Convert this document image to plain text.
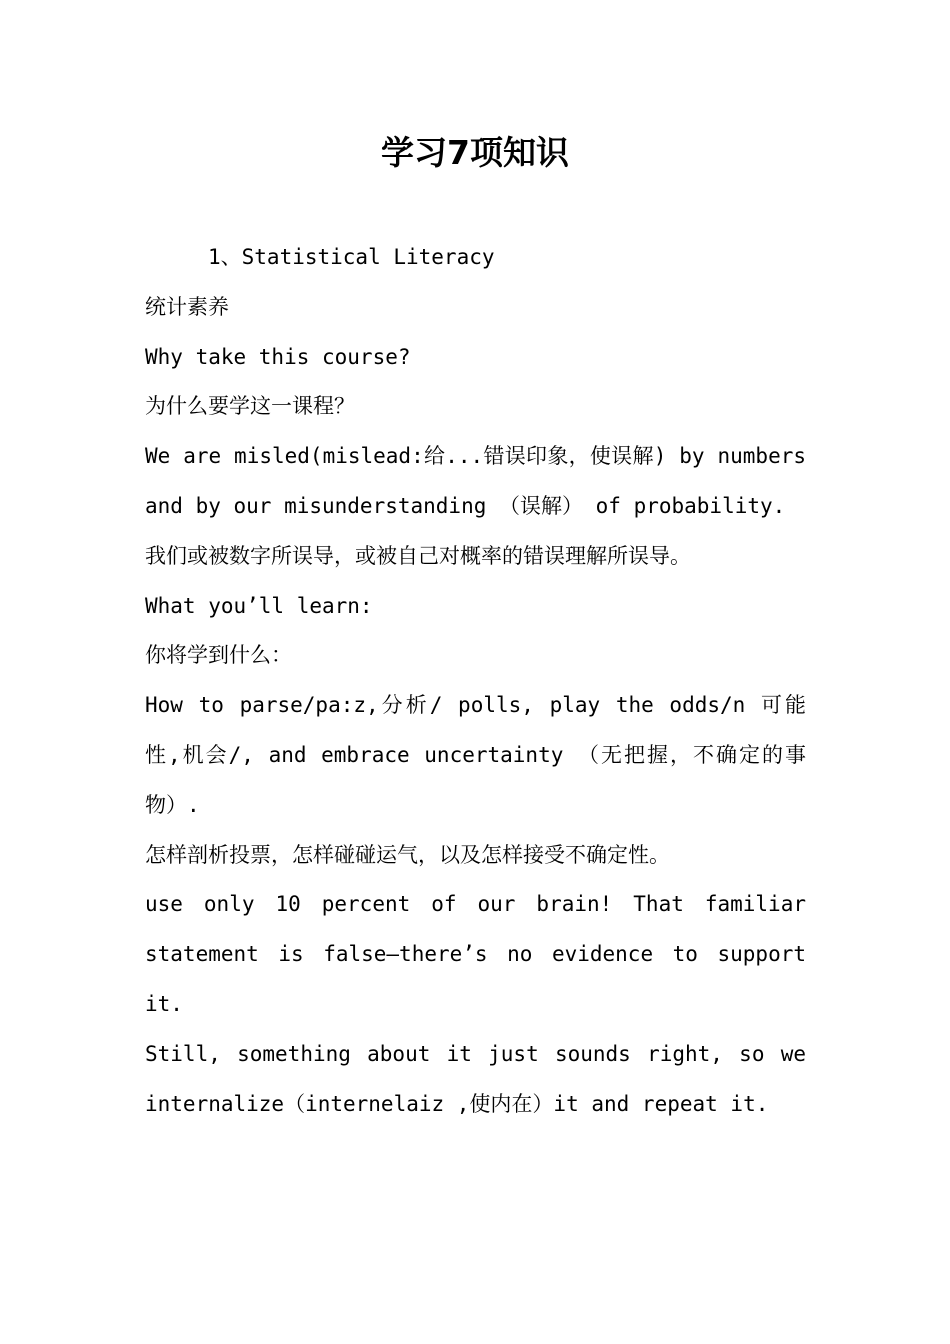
学习7项知识

1、Statistical Literacy

统计素养

Why take this course?

为什么要学这一课程？

We are misled(mislead:给...错误印象，使误解) by numbers and by our misunderstanding （误解） of probability.

我们或被数字所误导，或被自己对概率的错误理解所误导。

What you’ll learn:

你将学到什么：

How to parse/pa:z,分析/ polls, play the odds/n 可能性,机会/, and embrace uncertainty （无把握，不确定的事物）.

怎样剖析投票，怎样碰碰运气，以及怎样接受不确定性。

use only 10 percent of our brain! That familiar statement is false—there’s no evidence to support it.

Still, something about it just sounds right, so we internalize（internelaiz ,使内在）it and repeat it.
